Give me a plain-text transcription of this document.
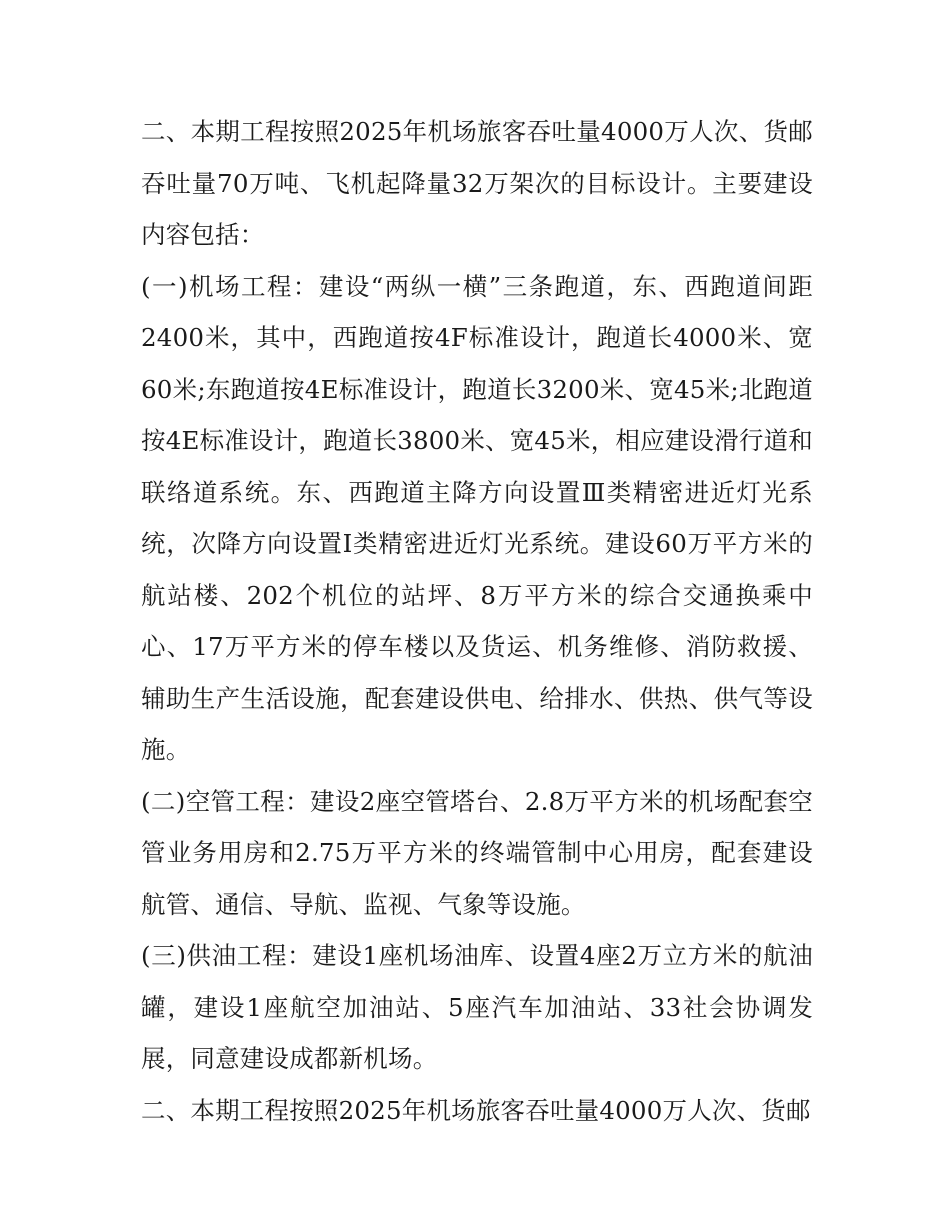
二、本期工程按照2025年机场旅客吞吐量4000万人次、货邮吞吐量70万吨、飞机起降量32万架次的目标设计。主要建设内容包括：

(一)机场工程：建设“两纵一横”三条跑道，东、西跑道间距2400米，其中，西跑道按4F标准设计，跑道长4000米、宽60米;东跑道按4E标准设计，跑道长3200米、宽45米;北跑道按4E标准设计，跑道长3800米、宽45米，相应建设滑行道和联络道系统。东、西跑道主降方向设置Ⅲ类精密进近灯光系统，次降方向设置Ⅰ类精密进近灯光系统。建设60万平方米的航站楼、202个机位的站坪、8万平方米的综合交通换乘中心、17万平方米的停车楼以及货运、机务维修、消防救援、辅助生产生活设施，配套建设供电、给排水、供热、供气等设施。

(二)空管工程：建设2座空管塔台、2.8万平方米的机场配套空管业务用房和2.75万平方米的终端管制中心用房，配套建设航管、通信、导航、监视、气象等设施。

(三)供油工程：建设1座机场油库、设置4座2万立方米的航油罐，建设1座航空加油站、5座汽车加油站、33社会协调发展，同意建设成都新机场。

二、本期工程按照2025年机场旅客吞吐量4000万人次、货邮
